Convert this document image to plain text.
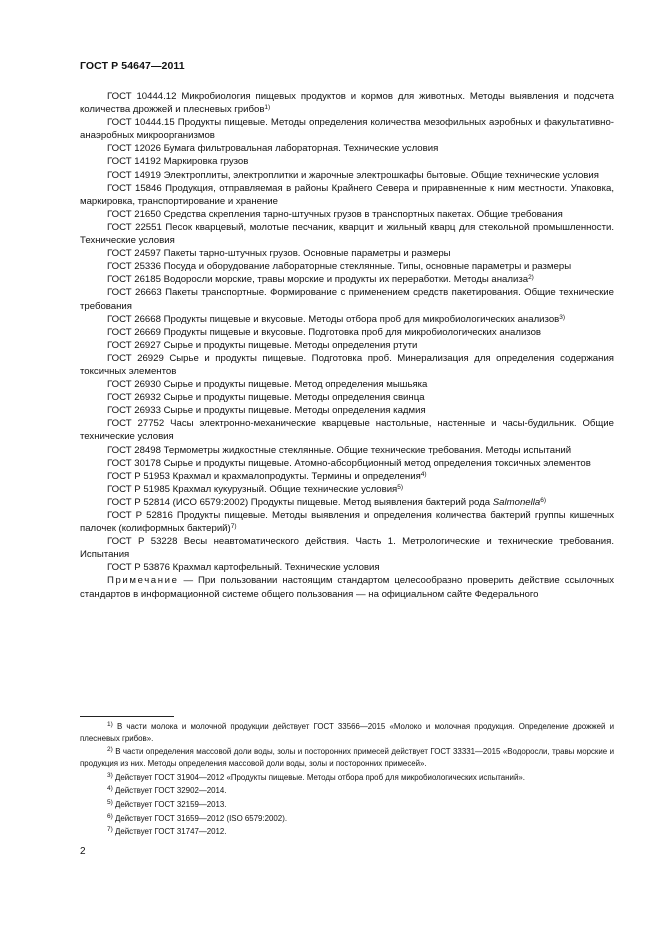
ГОСТ Р 54647—2011

ГОСТ 10444.12 Микробиология пищевых продуктов и кормов для животных. Методы выявления и подсчета количества дрожжей и плесневых грибов$^{1)}$

ГОСТ 10444.15 Продукты пищевые. Методы определения количества мезофильных аэробных и факультативно-анаэробных микроорганизмов

ГОСТ 12026 Бумага фильтровальная лабораторная. Технические условия

ГОСТ 14192 Маркировка грузов

ГОСТ 14919 Электроплиты, электроплитки и жарочные электрошкафы бытовые. Общие технические условия

ГОСТ 15846 Продукция, отправляемая в районы Крайнего Севера и приравненные к ним местности. Упаковка, маркировка, транспортирование и хранение

ГОСТ 21650 Средства скрепления тарно-штучных грузов в транспортных пакетах. Общие требования

ГОСТ 22551 Песок кварцевый, молотые песчаник, кварцит и жильный кварц для стекольной промышленности. Технические условия

ГОСТ 24597 Пакеты тарно-штучных грузов. Основные параметры и размеры

ГОСТ 25336 Посуда и оборудование лабораторные стеклянные. Типы, основные параметры и размеры

ГОСТ 26185 Водоросли морские, травы морские и продукты их переработки. Методы анализа$^{2)}$

ГОСТ 26663 Пакеты транспортные. Формирование с применением средств пакетирования. Общие технические требования

ГОСТ 26668 Продукты пищевые и вкусовые. Методы отбора проб для микробиологических анализов$^{3)}$

ГОСТ 26669 Продукты пищевые и вкусовые. Подготовка проб для микробиологических анализов

ГОСТ 26927 Сырье и продукты пищевые. Методы определения ртути

ГОСТ 26929 Сырье и продукты пищевые. Подготовка проб. Минерализация для определения содержания токсичных элементов

ГОСТ 26930 Сырье и продукты пищевые. Метод определения мышьяка

ГОСТ 26932 Сырье и продукты пищевые. Методы определения свинца

ГОСТ 26933 Сырье и продукты пищевые. Методы определения кадмия

ГОСТ 27752 Часы электронно-механические кварцевые настольные, настенные и часы-будильник. Общие технические условия

ГОСТ 28498 Термометры жидкостные стеклянные. Общие технические требования. Методы испытаний

ГОСТ 30178 Сырье и продукты пищевые. Атомно-абсорбционный метод определения токсичных элементов

ГОСТ Р 51953 Крахмал и крахмалопродукты. Термины и определения$^{4)}$

ГОСТ Р 51985 Крахмал кукурузный. Общие технические условия$^{5)}$

ГОСТ Р 52814 (ИСО 6579:2002) Продукты пищевые. Метод выявления бактерий рода Salmonella$^{6)}$

ГОСТ Р 52816 Продукты пищевые. Методы выявления и определения количества бактерий группы кишечных палочек (колиформных бактерий)$^{7)}$

ГОСТ Р 53228 Весы неавтоматического действия. Часть 1. Метрологические и технические требования. Испытания

ГОСТ Р 53876 Крахмал картофельный. Технические условия

Примечание — При пользовании настоящим стандартом целесообразно проверить действие ссылочных стандартов в информационной системе общего пользования — на официальном сайте Федерального

$^{1)}$ В части молока и молочной продукции действует ГОСТ 33566—2015 «Молоко и молочная продукция. Определение дрожжей и плесневых грибов».

$^{2)}$ В части определения массовой доли воды, золы и посторонних примесей действует ГОСТ 33331—2015 «Водоросли, травы морские и продукция из них. Методы определения массовой доли воды, золы и посторонних примесей».

$^{3)}$ Действует ГОСТ 31904—2012 «Продукты пищевые. Методы отбора проб для микробиологических испытаний».

$^{4)}$ Действует ГОСТ 32902—2014.

$^{5)}$ Действует ГОСТ 32159—2013.

$^{6)}$ Действует ГОСТ 31659—2012 (ISO 6579:2002).

$^{7)}$ Действует ГОСТ 31747—2012.

2
